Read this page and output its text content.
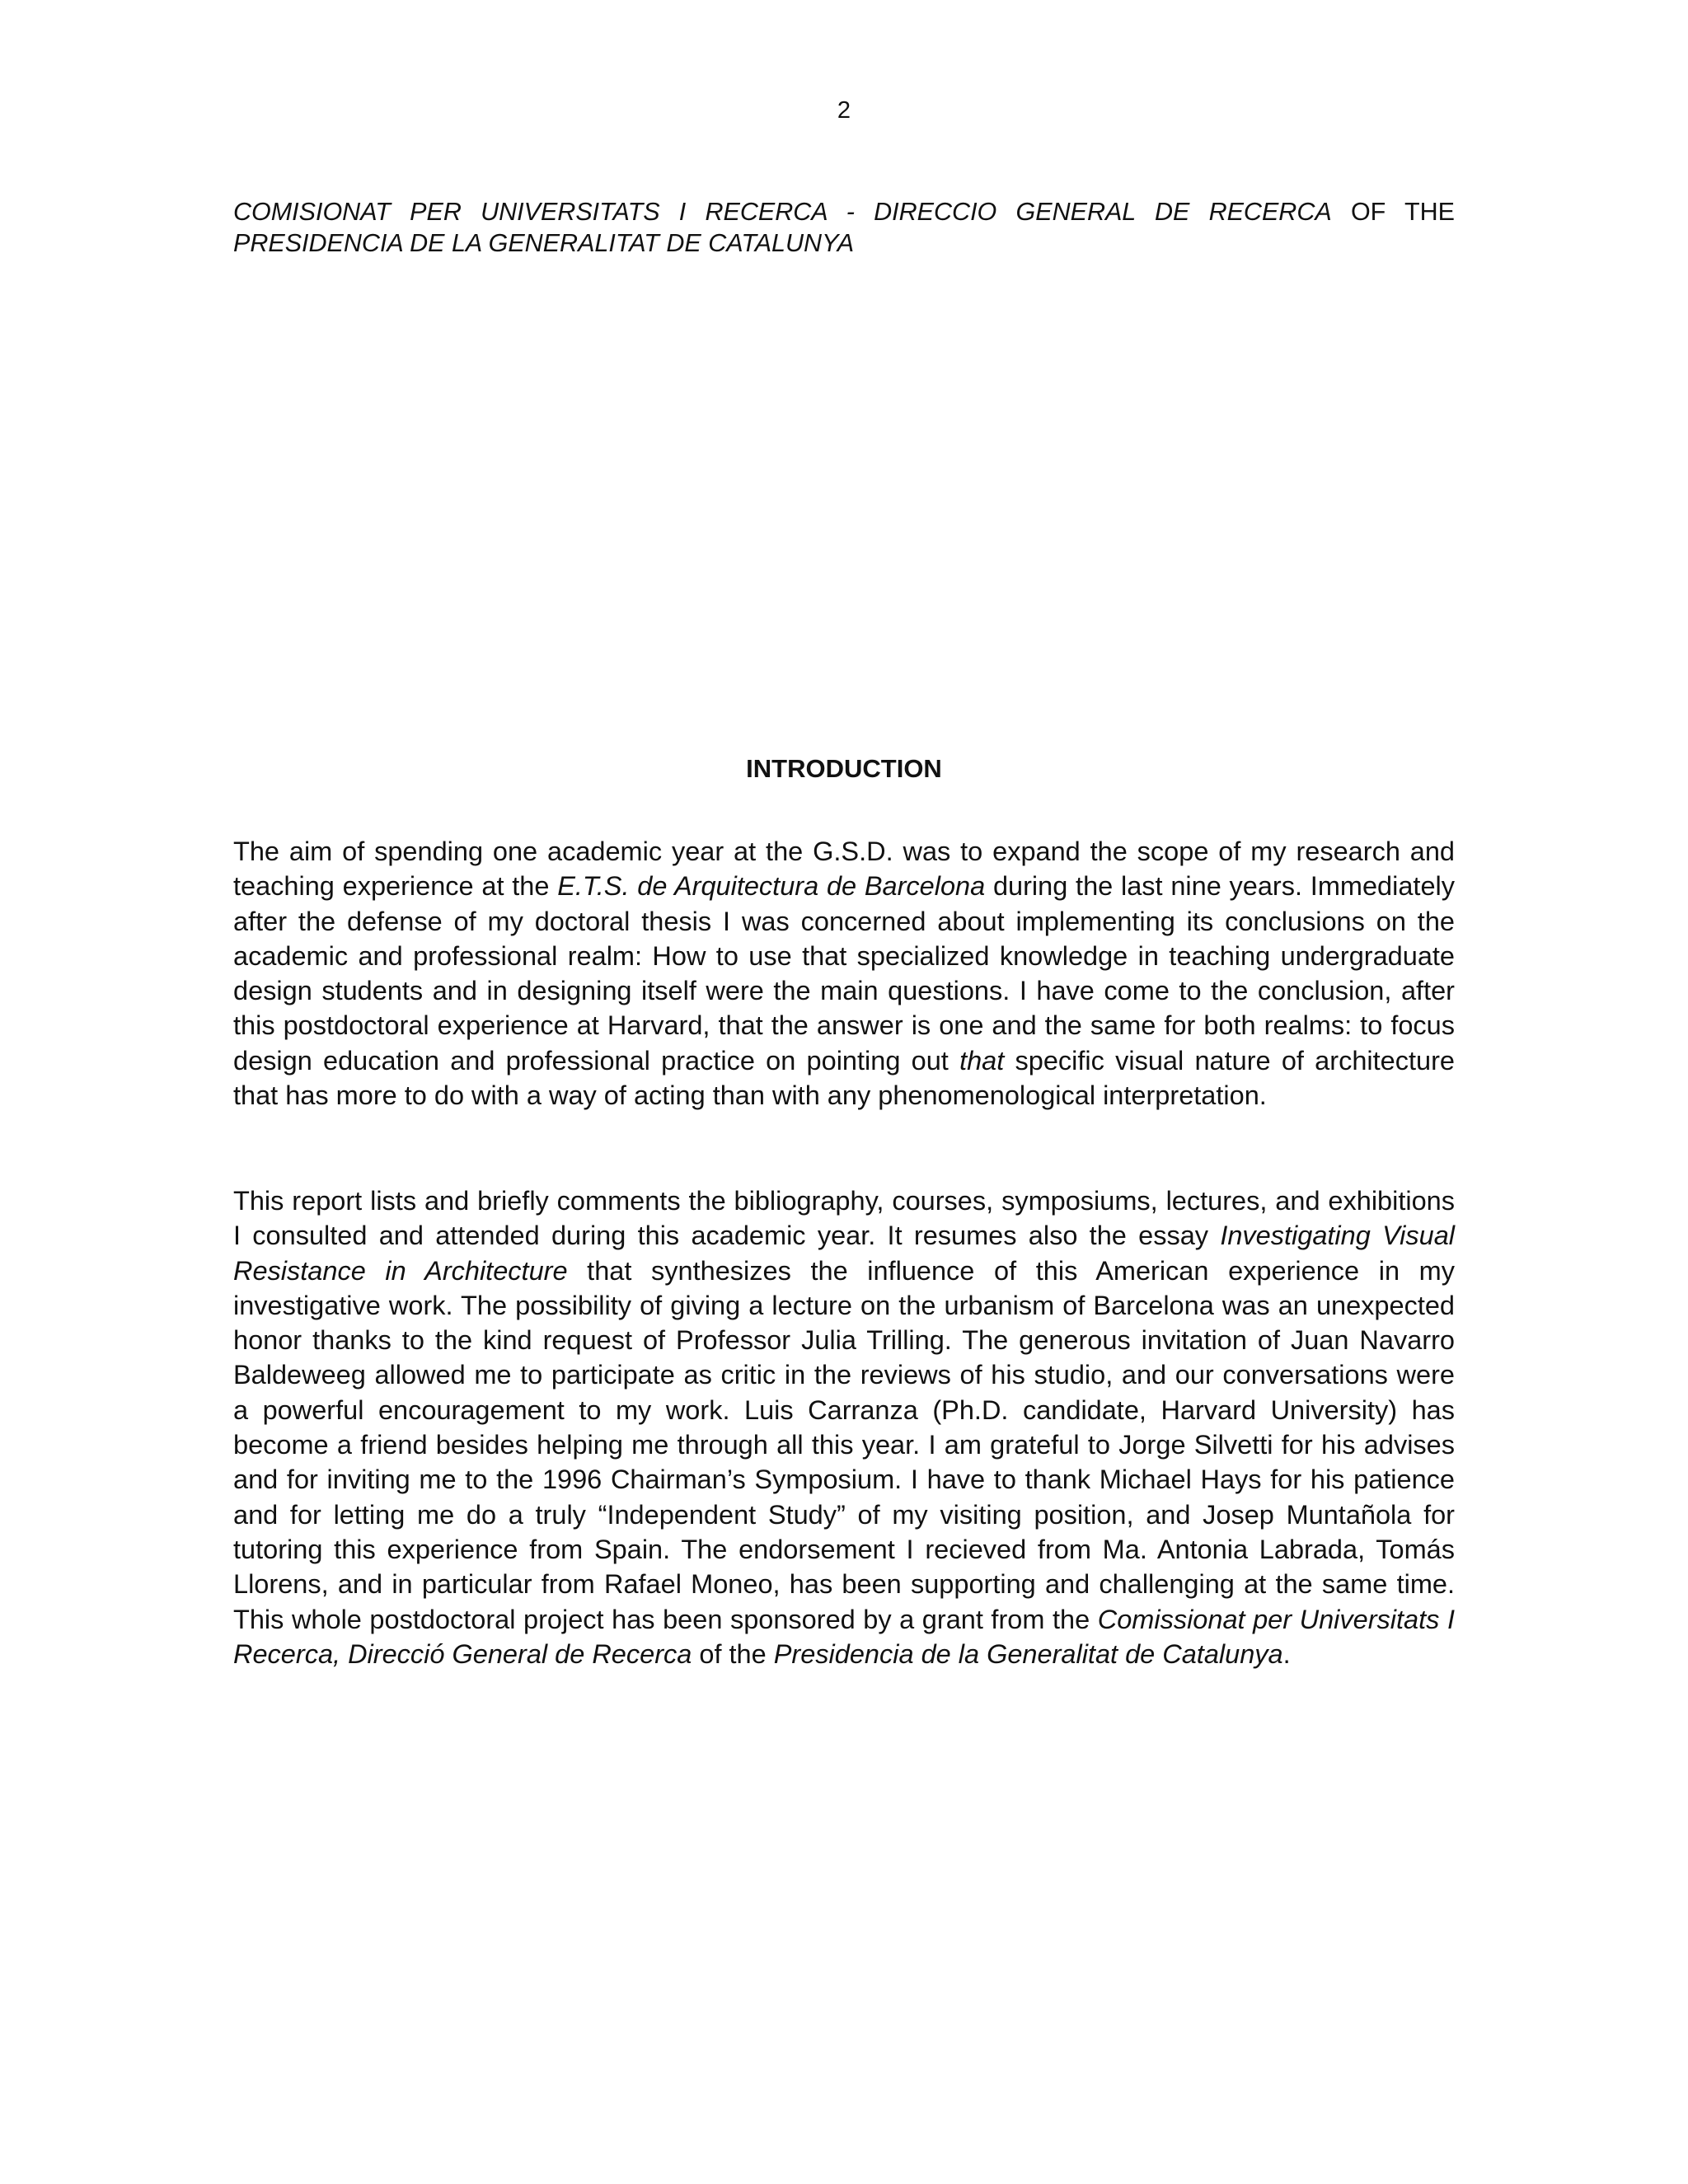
2
COMISIONAT PER UNIVERSITATS I RECERCA - DIRECCIO GENERAL DE RECERCA OF THE PRESIDENCIA DE LA GENERALITAT DE CATALUNYA
INTRODUCTION

The aim of spending one academic year at the G.S.D. was to expand the scope of my research and teaching experience at the E.T.S. de Arquitectura de Barcelona during the last nine years. Immediately after the defense of my doctoral thesis I was concerned about implementing its conclusions on the academic and professional realm: How to use that specialized knowledge in teaching undergraduate design students and in designing itself were the main questions. I have come to the conclusion, after this postdoctoral experience at Harvard, that the answer is one and the same for both realms: to focus design education and professional practice on pointing out that specific visual nature of architecture that has more to do with a way of acting than with any phenomenological interpretation.

This report lists and briefly comments the bibliography, courses, symposiums, lectures, and exhibitions I consulted and attended during this academic year. It resumes also the essay Investigating Visual Resistance in Architecture that synthesizes the influence of this American experience in my investigative work. The possibility of giving a lecture on the urbanism of Barcelona was an unexpected honor thanks to the kind request of Professor Julia Trilling. The generous invitation of Juan Navarro Baldeweeg allowed me to participate as critic in the reviews of his studio, and our conversations were a powerful encouragement to my work. Luis Carranza (Ph.D. candidate, Harvard University) has become a friend besides helping me through all this year. I am grateful to Jorge Silvetti for his advises and for inviting me to the 1996 Chairman’s Symposium. I have to thank Michael Hays for his patience and for letting me do a truly “Independent Study” of my visiting position, and Josep Muntañola for tutoring this experience from Spain. The endorsement I recieved from Ma. Antonia Labrada, Tomás Llorens, and in particular from Rafael Moneo, has been supporting and challenging at the same time. This whole postdoctoral project has been sponsored by a grant from the Comissionat per Universitats I Recerca, Direcció General de Recerca of the Presidencia de la Generalitat de Catalunya.
